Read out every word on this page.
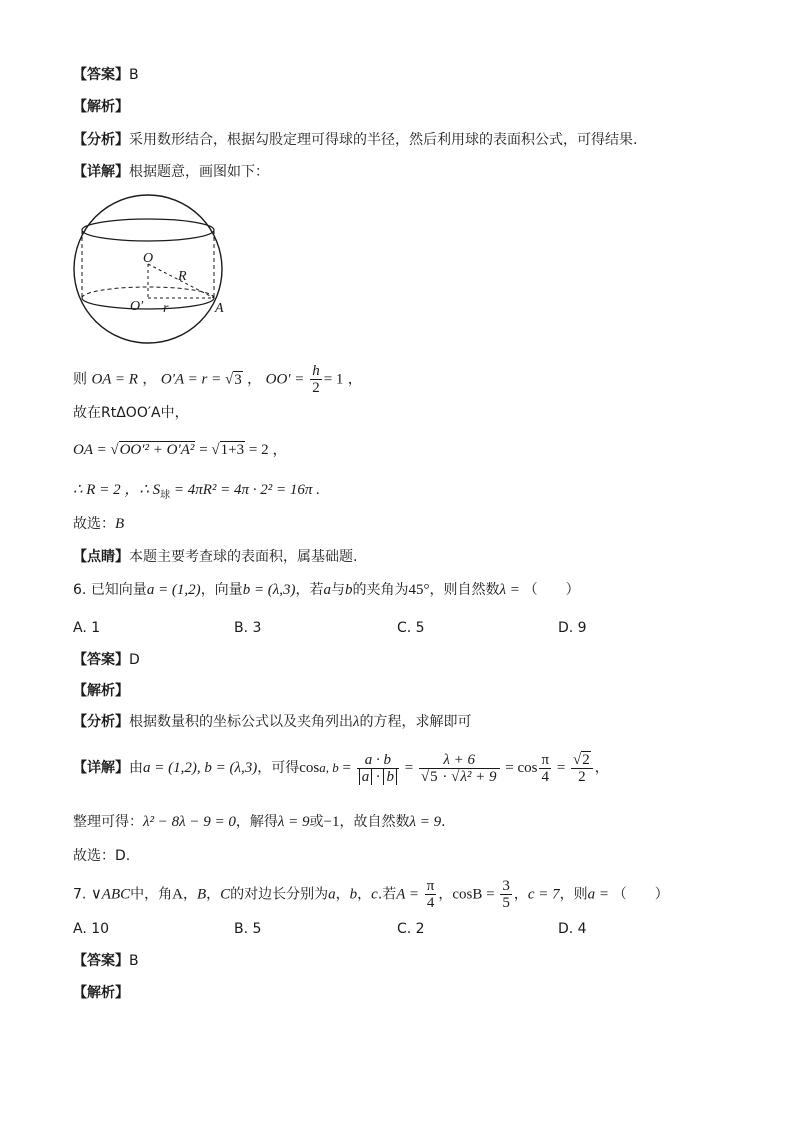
【答案】B
【解析】
【分析】采用数形结合，根据勾股定理可得球的半径，然后利用球的表面积公式，可得结果.
【详解】根据题意，画图如下：
O
R
O′ r	A
则 OA = R ， O′A = r = √3 ， $OO' = \frac{h}{2} = 1$ ，
故在RtΔOO′A中，
OA = √OO′² + O′A² = √1+3 = 2 ，
∴ R = 2 ，∴ $S_球 = 4\pi R^2 = 4\pi \cdot 2^2 = 16\pi$ .
故选：B
【点睛】本题主要考查球的表面积，属基础题.
6. 已知向量a = (1,2)，向量b = (λ,3)，若a与b的夹角为45°，则自然数λ = （　　）
A. 1	B. 3	C. 5	D. 9
【答案】D
【解析】
【分析】根据数量积的坐标公式以及夹角列出λ的方程，求解即可
【详解】由a = (1,2), b = (λ,3)，可得cosa, $b = \frac{a \cdot b}{a \cdot b} = \frac{\lambda + 6}{\text{√5 · √λ² + 9}} = \cos \frac{\pi}{4} = \frac{√2}{2}$ ，
整理可得：λ² − 8λ − 9 = 0，解得λ = 9或−1，故自然数λ = 9.
故选：D.
7. ∨ABC中，角A，B，C的对边长分别为a，b，c.若$A = \frac{\pi}{4}$ ，$\cos B = \frac{3}{5}$ ，c = 7，则a = （　　）
A. 10	B. 5	C. 2	D. 4
【答案】B
【解析】
